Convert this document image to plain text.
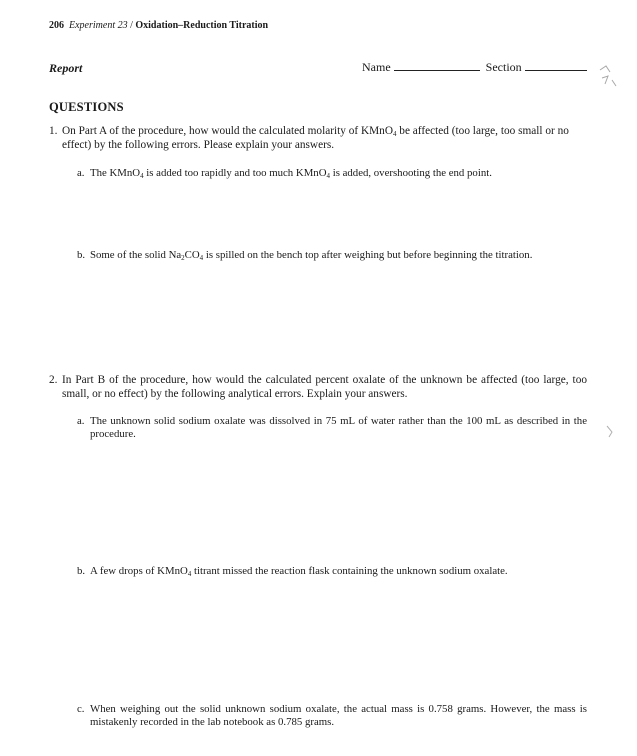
206 Experiment 23 / Oxidation–Reduction Titration
Report	Name	Section
QUESTIONS
1. On Part A of the procedure, how would the calculated molarity of KMnO$_4$ be affected (too large, too small or no effect) by the following errors. Please explain your answers.
a. The KMnO$_4$ is added too rapidly and too much KMnO$_4$ is added, overshooting the end point.
b. Some of the solid $Na_2CO_4$ is spilled on the bench top after weighing but before beginning the titration.
2. In Part B of the procedure, how would the calculated percent oxalate of the unknown be affected (too large, too small, or no effect) by the following analytical errors. Explain your answers.
a. The unknown solid sodium oxalate was dissolved in 75 mL of water rather than the 100 mL as described in the procedure.
b. A few drops of KMnO$_4$ titrant missed the reaction flask containing the unknown sodium oxalate.
c. When weighing out the solid unknown sodium oxalate, the actual mass is 0.758 grams. However, the mass is mistakenly recorded in the lab notebook as 0.785 grams.
